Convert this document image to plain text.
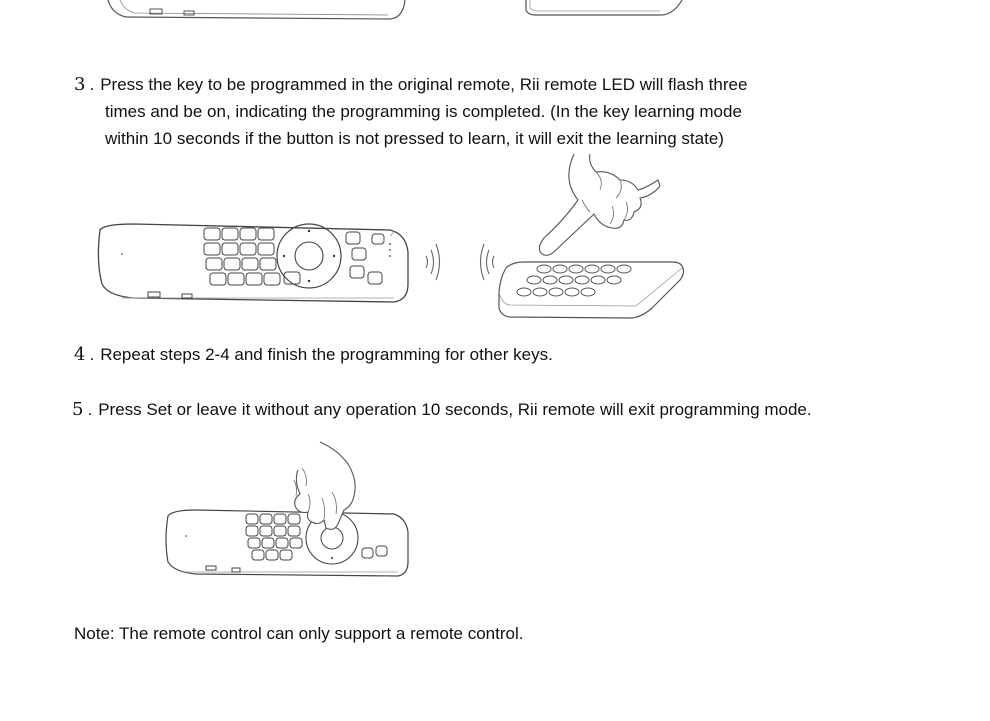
3 . Press the key to be programmed in the original remote, Rii remote LED will flash three
times and be on, indicating the programming is completed. (In the key learning mode
within 10 seconds if the button is not pressed to learn, it will exit the learning state)
4 . Repeat steps 2-4 and finish the programming for other keys.
5 . Press Set or leave it without any operation 10 seconds, Rii remote will exit programming mode.
Note: The remote control can only support a remote control.
